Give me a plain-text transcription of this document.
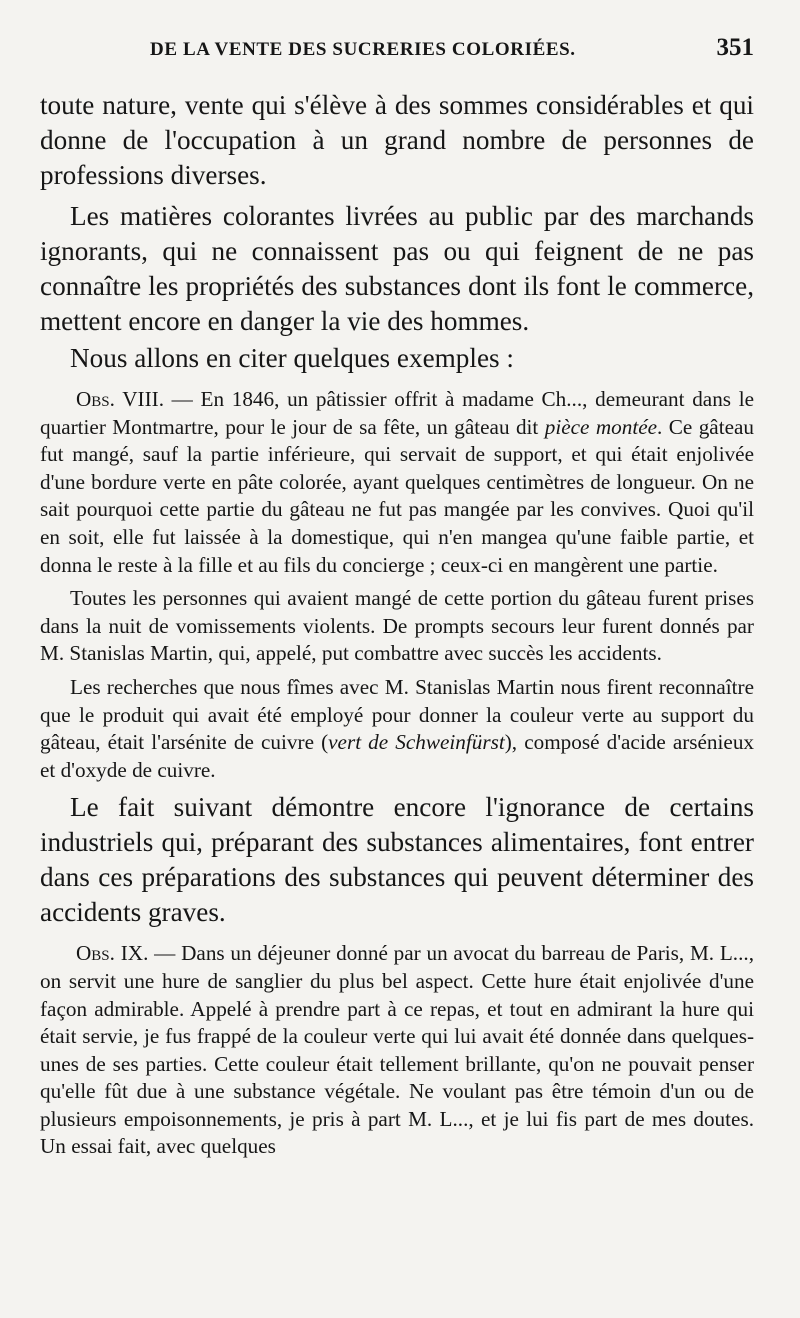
DE LA VENTE DES SUCRERIES COLORIÉES.	351

toute nature, vente qui s'élève à des sommes considérables et qui donne de l'occupation à un grand nombre de personnes de professions diverses.

Les matières colorantes livrées au public par des marchands ignorants, qui ne connaissent pas ou qui feignent de ne pas connaître les propriétés des substances dont ils font le commerce, mettent encore en danger la vie des hommes.

Nous allons en citer quelques exemples :

Obs. VIII. — En 1846, un pâtissier offrit à madame Ch..., demeurant dans le quartier Montmartre, pour le jour de sa fête, un gâteau dit pièce montée. Ce gâteau fut mangé, sauf la partie inférieure, qui servait de support, et qui était enjolivée d'une bordure verte en pâte colorée, ayant quelques centimètres de longueur. On ne sait pourquoi cette partie du gâteau ne fut pas mangée par les convives. Quoi qu'il en soit, elle fut laissée à la domestique, qui n'en mangea qu'une faible partie, et donna le reste à la fille et au fils du concierge ; ceux-ci en mangèrent une partie.

Toutes les personnes qui avaient mangé de cette portion du gâteau furent prises dans la nuit de vomissements violents. De prompts secours leur furent donnés par M. Stanislas Martin, qui, appelé, put combattre avec succès les accidents.

Les recherches que nous fîmes avec M. Stanislas Martin nous firent reconnaître que le produit qui avait été employé pour donner la couleur verte au support du gâteau, était l'arsénite de cuivre (vert de Schweinfürst), composé d'acide arsénieux et d'oxyde de cuivre.

Le fait suivant démontre encore l'ignorance de certains industriels qui, préparant des substances alimentaires, font entrer dans ces préparations des substances qui peuvent déterminer des accidents graves.

Obs. IX. — Dans un déjeuner donné par un avocat du barreau de Paris, M. L..., on servit une hure de sanglier du plus bel aspect. Cette hure était enjolivée d'une façon admirable. Appelé à prendre part à ce repas, et tout en admirant la hure qui était servie, je fus frappé de la couleur verte qui lui avait été donnée dans quelques-unes de ses parties. Cette couleur était tellement brillante, qu'on ne pouvait penser qu'elle fût due à une substance végétale. Ne voulant pas être témoin d'un ou de plusieurs empoisonnements, je pris à part M. L..., et je lui fis part de mes doutes. Un essai fait, avec quelques
